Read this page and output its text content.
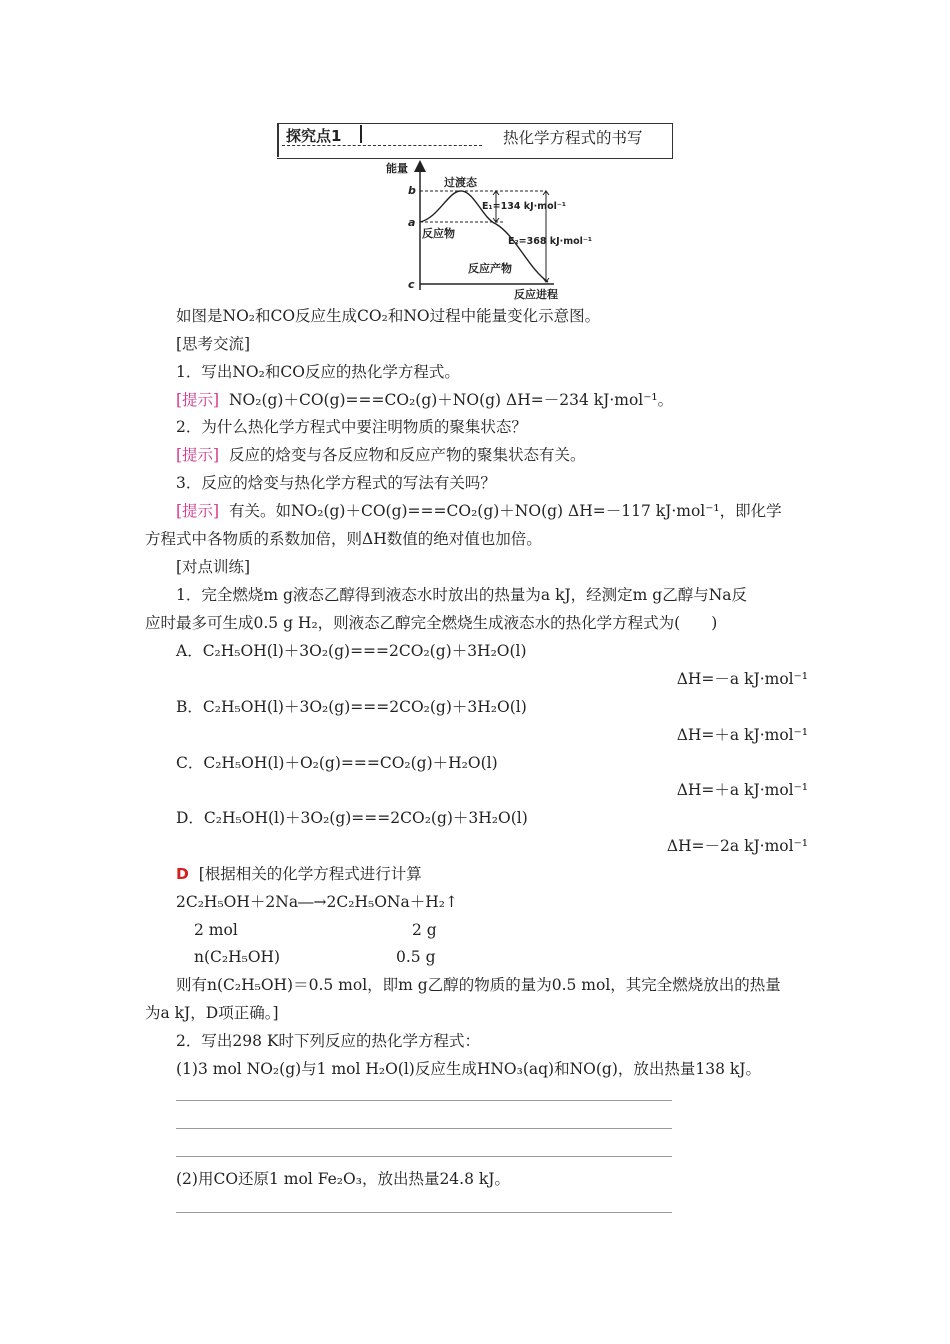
探究点1	热化学方程式的书写
能量
b
a
c
过渡态
E₁=134 kJ·mol⁻¹
E₂=368 kJ·mol⁻¹
反应物
反应产物
反应进程
如图是NO₂和CO反应生成CO₂和NO过程中能量变化示意图。
[思考交流]
1．写出NO₂和CO反应的热化学方程式。
[提示] NO₂(g)＋CO(g)===CO₂(g)＋NO(g) ΔH=－234 kJ·mol⁻¹。
2．为什么热化学方程式中要注明物质的聚集状态？
[提示] 反应的焓变与各反应物和反应产物的聚集状态有关。
3．反应的焓变与热化学方程式的写法有关吗？
[提示] 有关。如NO₂(g)＋CO(g)===CO₂(g)＋NO(g) ΔH=－117 kJ·mol⁻¹，即化学
方程式中各物质的系数加倍，则ΔH数值的绝对值也加倍。
[对点训练]
1．完全燃烧m g液态乙醇得到液态水时放出的热量为a kJ，经测定m g乙醇与Na反
应时最多可生成0.5 g H₂，则液态乙醇完全燃烧生成液态水的热化学方程式为(　　)
A．C₂H₅OH(l)＋3O₂(g)===2CO₂(g)＋3H₂O(l)
ΔH=－a kJ·mol⁻¹
B．C₂H₅OH(l)＋3O₂(g)===2CO₂(g)＋3H₂O(l)
ΔH=＋a kJ·mol⁻¹
C．C₂H₅OH(l)＋O₂(g)===CO₂(g)＋H₂O(l)
ΔH=＋a kJ·mol⁻¹
D．C₂H₅OH(l)＋3O₂(g)===2CO₂(g)＋3H₂O(l)
ΔH=－2a kJ·mol⁻¹
D [根据相关的化学方程式进行计算
2C₂H₅OH＋2Na―→2C₂H₅ONa＋H₂↑
2 mol	2 g
n(C₂H₅OH)	0.5 g
则有n(C₂H₅OH)＝0.5 mol，即m g乙醇的物质的量为0.5 mol，其完全燃烧放出的热量
为a kJ，D项正确。]
2．写出298 K时下列反应的热化学方程式：
(1)3 mol NO₂(g)与1 mol H₂O(l)反应生成HNO₃(aq)和NO(g)，放出热量138 kJ。
(2)用CO还原1 mol Fe₂O₃，放出热量24.8 kJ。
